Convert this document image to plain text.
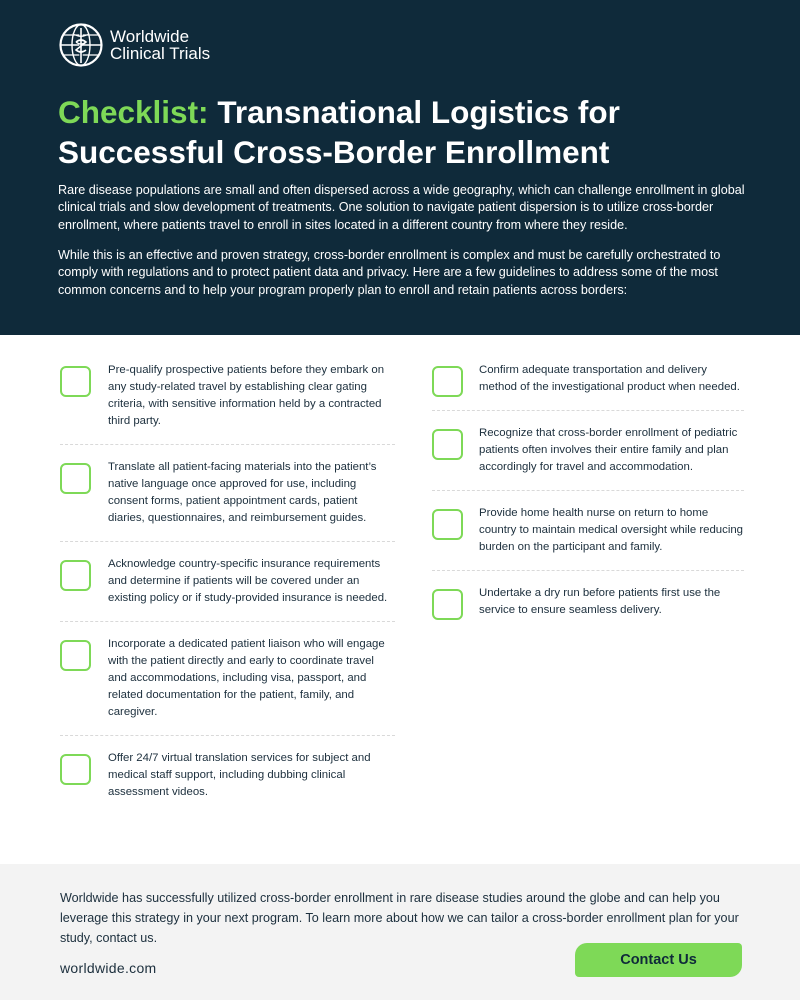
Worldwide
Clinical Trials
Checklist: Transnational Logistics for Successful Cross-Border Enrollment

Rare disease populations are small and often dispersed across a wide geography, which can challenge enrollment in global clinical trials and slow development of treatments. One solution to navigate patient dispersion is to utilize cross-border enrollment, where patients travel to enroll in sites located in a different country from where they reside.

While this is an effective and proven strategy, cross-border enrollment is complex and must be carefully orchestrated to comply with regulations and to protect patient data and privacy. Here are a few guidelines to address some of the most common concerns and to help your program properly plan to enroll and retain patients across borders:

Pre-qualify prospective patients before they embark on any study-related travel by establishing clear gating criteria, with sensitive information held by a contracted third party.

Translate all patient-facing materials into the patient’s native language once approved for use, including consent forms, patient appointment cards, patient diaries, questionnaires, and reimbursement guides.

Acknowledge country-specific insurance requirements and determine if patients will be covered under an existing policy or if study-provided insurance is needed.

Incorporate a dedicated patient liaison who will engage with the patient directly and early to coordinate travel and accommodations, including visa, passport, and related documentation for the patient, family, and caregiver.

Offer 24/7 virtual translation services for subject and medical staff support, including dubbing clinical assessment videos.

Confirm adequate transportation and delivery method of the investigational product when needed.

Recognize that cross-border enrollment of pediatric patients often involves their entire family and plan accordingly for travel and accommodation.

Provide home health nurse on return to home country to maintain medical oversight while reducing burden on the participant and family.

Undertake a dry run before patients first use the service to ensure seamless delivery.

Worldwide has successfully utilized cross-border enrollment in rare disease studies around the globe and can help you leverage this strategy in your next program. To learn more about how we can tailor a cross-border enrollment plan for your study, contact us.

worldwide.com	Contact Us
